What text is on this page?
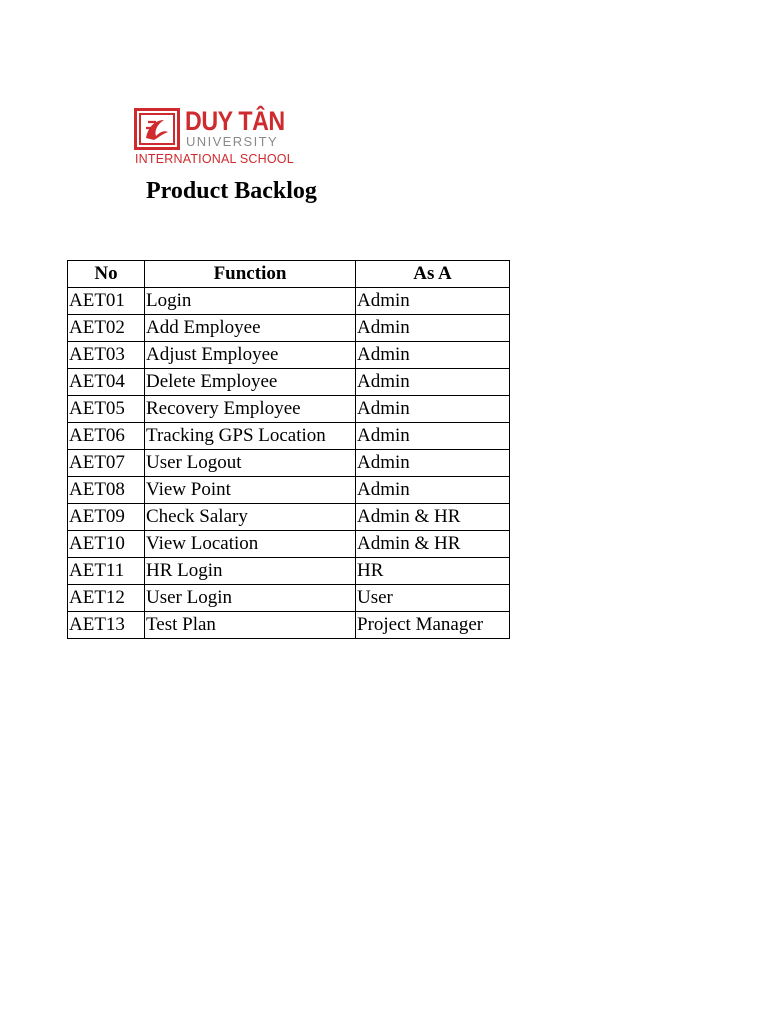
DUY TÂN
UNIVERSITY
INTERNATIONAL SCHOOL
Product Backlog
No	Function	As A
AET01	Login	Admin
AET02	Add Employee	Admin
AET03	Adjust Employee	Admin
AET04	Delete Employee	Admin
AET05	Recovery Employee	Admin
AET06	Tracking GPS Location	Admin
AET07	User Logout	Admin
AET08	View Point	Admin
AET09	Check Salary	Admin & HR
AET10	View Location	Admin & HR
AET11	HR Login	HR
AET12	User Login	User
AET13	Test Plan	Project Manager
